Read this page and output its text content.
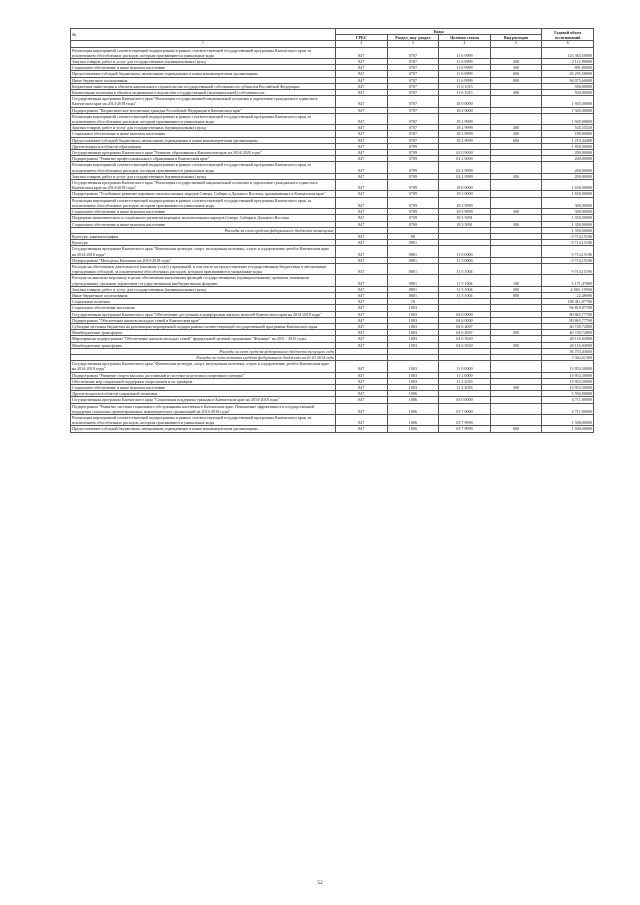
№	Коды				Годовой объем ассигнований
	ГРБС	Раздел, под- раздел	Целевая статья	Вид расходов	
1	2	3	4	5	6
Реализация мероприятий соответствующей подпрограммы в рамках соответствующей государственной программы Камчатского края, за исключением обособленных расходов, которым присваиваются уникальные коды	847	0707	11 6 9999		123 365,58000
Закупка товаров, работ и услуг для государственных (муниципальных) нужд	847	0707	11 6 9999	200	2 112,99000
Социальное обеспечение и иные выплаты населению	847	0707	11 6 9999	300	891,00000
Предоставление субсидий бюджетным, автономным учреждениям и иным некоммерческим организациям	847	0707	11 6 9999	600	26 295,58000
Иные бюджетные ассигнования	847	0707	11 6 9999	800	94 075,60000
Бюджетные инвестиции в объекты капитального строительства государственной собственности субъектов Российской Федерации	847	0707	11 6 1013		500,00000
Капитальные вложения в объекты недвижимого имущества государственной (муниципальной) собственности	847	0707	11 6 1013	400	500,00000
Государственная программа Камчатского края "Реализация государственной национальной политики и укрепление гражданского единства в Камчатском крае на 2014-2018 годы"	847	0707	18 0 0000		1 945,00000
Подпрограмма "Патриотическое воспитание граждан Российской Федерации в Камчатском крае"	847	0707	18 2 0000		1 945,00000
Реализация мероприятий соответствующей подпрограммы в рамках соответствующей государственной программы Камчатского края, за исключением обособленных расходов, которым присваиваются уникальные коды	847	0707	18 2 9999		1 945,00000
Закупка товаров, работ и услуг для государственных (муниципальных) нужд	847	0707	18 2 9999	200	545,55520
Социальное обеспечение и иные выплаты населению	847	0707	18 2 9999	300	180,00000
Предоставление субсидий бюджетным, автономным учреждениям и иным некоммерческим организациям	847	0707	18 2 9999	600	1 219,44480
Другие вопросы в области образования	847	0709			1 850,00000
Государственная программа Камчатского края "Развитие образования в Камчатском крае на 2014-2020 годы"	847	0709	02 0 0000		200,00000
Подпрограмма "Развитие профессионального образования в Камчатском крае"	847	0709	02 2 0000		200,00000
Реализация мероприятий соответствующей подпрограммы в рамках соответствующей государственной программы Камчатского края, за исключением обособленных расходов, которым присваиваются уникальные коды	847	0709	02 2 9999		200,00000
Закупка товаров, работ и услуг для государственных (муниципальных) нужд	847	0709	02 2 9999	200	200,00000
Государственная программа Камчатского края "Реализация государственной национальной политики и укрепление гражданского единства в Камчатском крае на 2014-2018 годы"	847	0709	18 0 0000		1 650,00000
Подпрограмма "Устойчивое развитие коренных малочисленных народов Севера, Сибири и Дальнего Востока, проживающих в Камчатском крае"	847	0709	18 3 0000		1 650,00000
Реализация мероприятий соответствующей подпрограммы в рамках соответствующей государственной программы Камчатского края, за исключением обособленных расходов, которым присваиваются уникальные коды	847	0709	18 3 9999		300,00000
Социальное обеспечение и иные выплаты населению	847	0709	18 3 9999	300	300,00000
Поддержка экономического и социального развития коренных малочисленных народов Севера, Сибири и Дальнего Востока	847	0709	18 3 5091		1 350,00000
Социальное обеспечение и иные выплаты населению	847	0709	18 3 5091	300	1 350,00000
Расходы за счет средств федерального бюджета возмещение					1 350,00000
Культура, кинематография	847	08			9 714,15196
Культура	847	0801			9 714,15196
Государственная программа Камчатского края "Физическая культура, спорт, молодежная политика, отдых и оздоровление детей в Камчатском крае на 2014-2018 годы"	847	0801	11 0 0000		9 714,15196
Подпрограмма "Молодежь Камчатки на 2014-2018 годы"	847	0801	11 5 0000		9 714,15196
Расходы на обеспечение деятельности (оказание услуг) учреждений, в том числе на предоставление государственным бюджетным и автономным учреждениям субсидий, за исключением обособленных расходов, которым присваиваются уникальные коды	847	0801	11 5 1004		9 714,15196
Расходы на выплаты персоналу в целях обеспечения выполнения функций государственными (муниципальными) органами, казенными учреждениями, органами управления государственными внебюджетными фондами	847	0801	11 5 1004	100	5 171,47000
Закупка товаров, работ и услуг для государственных (муниципальных) нужд	847	0801	11 5 1004	200	4 560, 19500
Иные бюджетные ассигнования	847	0801	11 5 1004	800	22,48696
Социальная политика	847	10			100 411,07700
Социальное обеспечение населения	847	1003			94 819,07700
Государственная программа Камчатского края "Обеспечение доступным и комфортным жильем жителей Камчатского края на 2014-2018 годы"	847	1003	04 0 0000		80 865,77700
Подпрограмма "Обеспечение жильем молодых семей в Камчатском крае"	847	1003	04 6 0000		80 865,77700
Субсидии местным бюджетам на реализацию мероприятий подпрограммы соответствующей государственной программы Камчатского края	847	1003	04 6 4007		40 749,72800
Межбюджетные трансферты	847	1003	04 6 4007	500	40 749,72800
Мероприятия подпрограммы "Обеспечение жильем молодых семей" федеральной целевой программы "Жилище" на 2011 - 2015 годы	847	1003	04 6 5020		40 116,04900
Межбюджетные трансферты	847	1003	04 6 5020	500	40 116,04900
Расходы за счет средств федерального бюджета текущего года					36 753,43600
Расходы за счет остатка средств федерального бюджета на 01.01.2014 года					3 362,61300
Государственная программа Камчатского края "Физическая культура, спорт, молодежная политика, отдых и оздоровление детей в Камчатском крае на 2014-2018 годы"	847	1003	11 0 0000		13 953,30000
Подпрограмма "Развитие спорта высших достижений и системы подготовки спортивного резерва"	847	1003	11 2 0000		13 953,30000
Обеспечение мер социальной поддержки спортсменов и их тренеров	847	1003	11 2 2033		13 953,30000
Социальное обеспечение и иные выплаты населению	847	1003	11 2 2033	300	13 953,30000
Другие вопросы в области социальной политики	847	1006			5 592,00000
Государственная программа Камчатского края "Социальная поддержка граждан в Камчатском крае на 2014-2018 годы"	847	1006	03 0 0000		4 711,00000
Подпрограмма "Развитие системы социального обслуживания населения в Камчатском крае. Повышение эффективности государственной поддержки социально ориентированных некоммерческих организаций на 2014-2018 годы"	847	1006	03 7 0000		4 711,00000
Реализация мероприятий соответствующей подпрограммы в рамках соответствующей государственной программы Камчатского края, за исключением обособленных расходов, которым присваиваются уникальные коды	847	1006	03 7 9999		1 500,00000
Предоставление субсидий бюджетным, автономным учреждениям и иным некоммерческим организациям	847	1006	03 7 9999	600	1 500,00000
52
